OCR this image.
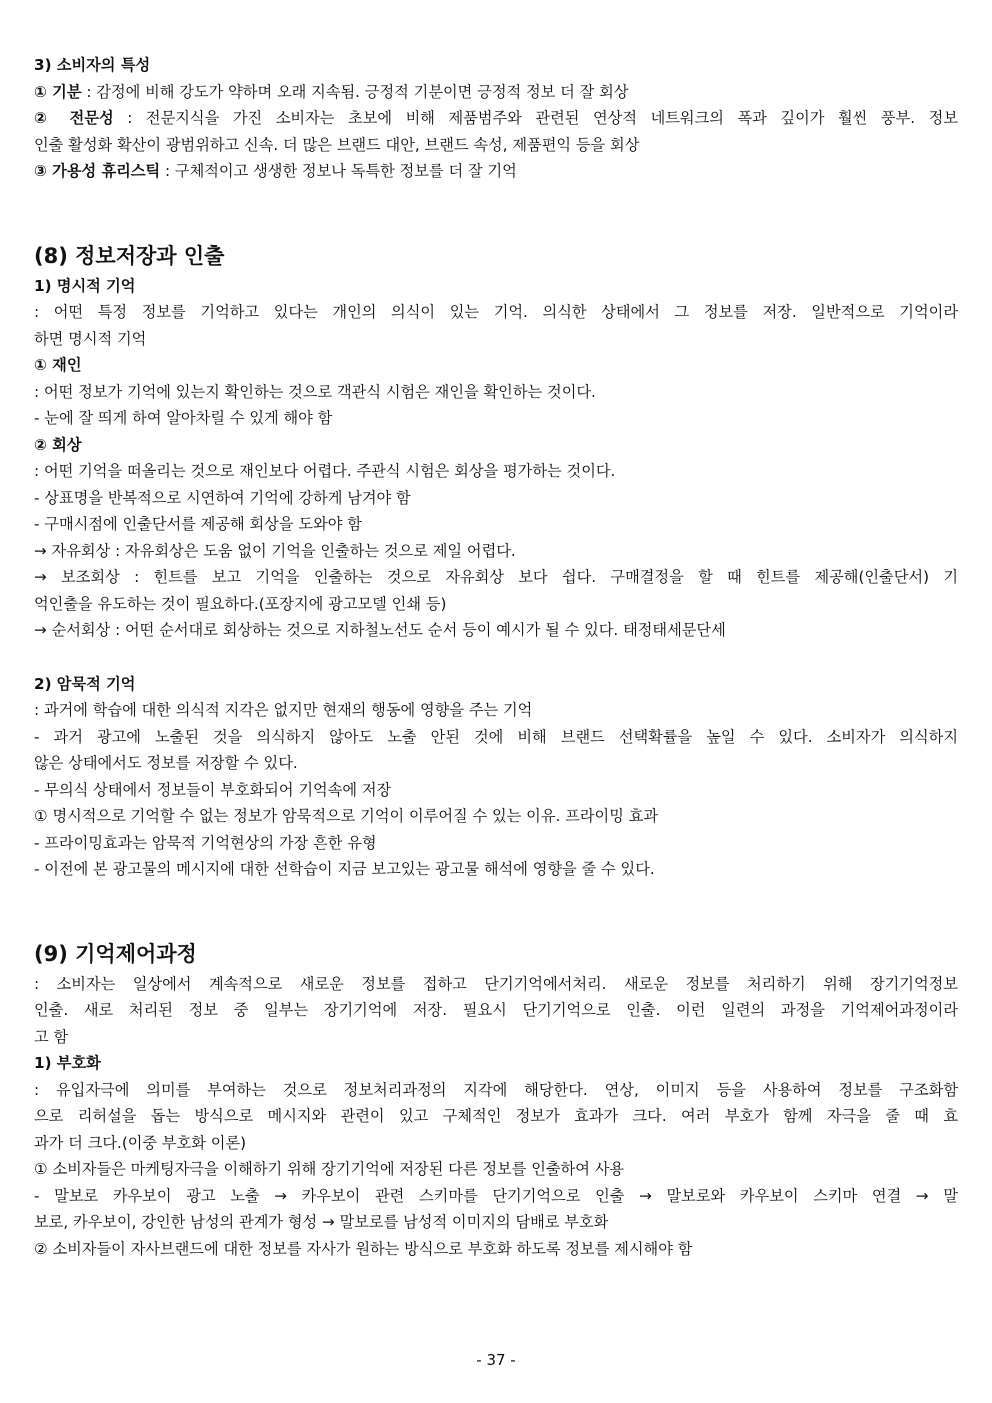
3) 소비자의 특성
① 기분 : 감정에 비해 강도가 약하며 오래 지속됨. 긍정적 기분이면 긍정적 정보 더 잘 회상
② 전문성 : 전문지식을 가진 소비자는 초보에 비해 제품범주와 관련된 연상적 네트워크의 폭과 깊이가 훨씬 풍부. 정보
인출 활성화 확산이 광범위하고 신속. 더 많은 브랜드 대안, 브랜드 속성, 제품편익 등을 회상
③ 가용성 휴리스틱 : 구체적이고 생생한 정보나 독특한 정보를 더 잘 기억
(8) 정보저장과 인출
1) 명시적 기억
: 어떤 특정 정보를 기억하고 있다는 개인의 의식이 있는 기억. 의식한 상태에서 그 정보를 저장. 일반적으로 기억이라
하면 명시적 기억
① 재인
: 어떤 정보가 기억에 있는지 확인하는 것으로 객관식 시험은 재인을 확인하는 것이다.
- 눈에 잘 띄게 하여 알아차릴 수 있게 해야 함
② 회상
: 어떤 기억을 떠올리는 것으로 재인보다 어렵다. 주관식 시험은 회상을 평가하는 것이다.
- 상표명을 반복적으로 시연하여 기억에 강하게 남겨야 함
- 구매시점에 인출단서를 제공해 회상을 도와야 함
→ 자유회상 : 자유회상은 도움 없이 기억을 인출하는 것으로 제일 어렵다.
→ 보조회상 : 힌트를 보고 기억을 인출하는 것으로 자유회상 보다 쉽다. 구매결정을 할 때 힌트를 제공해(인출단서) 기
억인출을 유도하는 것이 필요하다.(포장지에 광고모델 인쇄 등)
→ 순서회상 : 어떤 순서대로 회상하는 것으로 지하철노선도 순서 등이 예시가 될 수 있다. 태정태세문단세
2) 암묵적 기억
: 과거에 학습에 대한 의식적 지각은 없지만 현재의 행동에 영향을 주는 기억
- 과거 광고에 노출된 것을 의식하지 않아도 노출 안된 것에 비해 브랜드 선택확률을 높일 수 있다. 소비자가 의식하지
않은 상태에서도 정보를 저장할 수 있다.
- 무의식 상태에서 정보들이 부호화되어 기억속에 저장
① 명시적으로 기억할 수 없는 정보가 암묵적으로 기억이 이루어질 수 있는 이유. 프라이밍 효과
- 프라이밍효과는 암묵적 기억현상의 가장 흔한 유형
- 이전에 본 광고물의 메시지에 대한 선학습이 지금 보고있는 광고물 해석에 영향을 줄 수 있다.
(9) 기억제어과정
: 소비자는 일상에서 계속적으로 새로운 정보를 접하고 단기기억에서처리. 새로운 정보를 처리하기 위해 장기기억정보
인출. 새로 처리된 정보 중 일부는 장기기억에 저장. 필요시 단기기억으로 인출. 이런 일련의 과정을 기억제어과정이라
고 함
1) 부호화
: 유입자극에 의미를 부여하는 것으로 정보처리과정의 지각에 해당한다. 연상, 이미지 등을 사용하여 정보를 구조화함
으로 리허설을 돕는 방식으로 메시지와 관련이 있고 구체적인 정보가 효과가 크다. 여러 부호가 함께 자극을 줄 때 효
과가 더 크다.(이중 부호화 이론)
① 소비자들은 마케팅자극을 이해하기 위해 장기기억에 저장된 다른 정보를 인출하여 사용
- 말보로 카우보이 광고 노출 → 카우보이 관련 스키마를 단기기억으로 인출 → 말보로와 카우보이 스키마 연결 → 말
보로, 카우보이, 강인한 남성의 관계가 형성 → 말보로를 남성적 이미지의 담배로 부호화
② 소비자들이 자사브랜드에 대한 정보를 자사가 원하는 방식으로 부호화 하도록 정보를 제시해야 함
- 37 -
